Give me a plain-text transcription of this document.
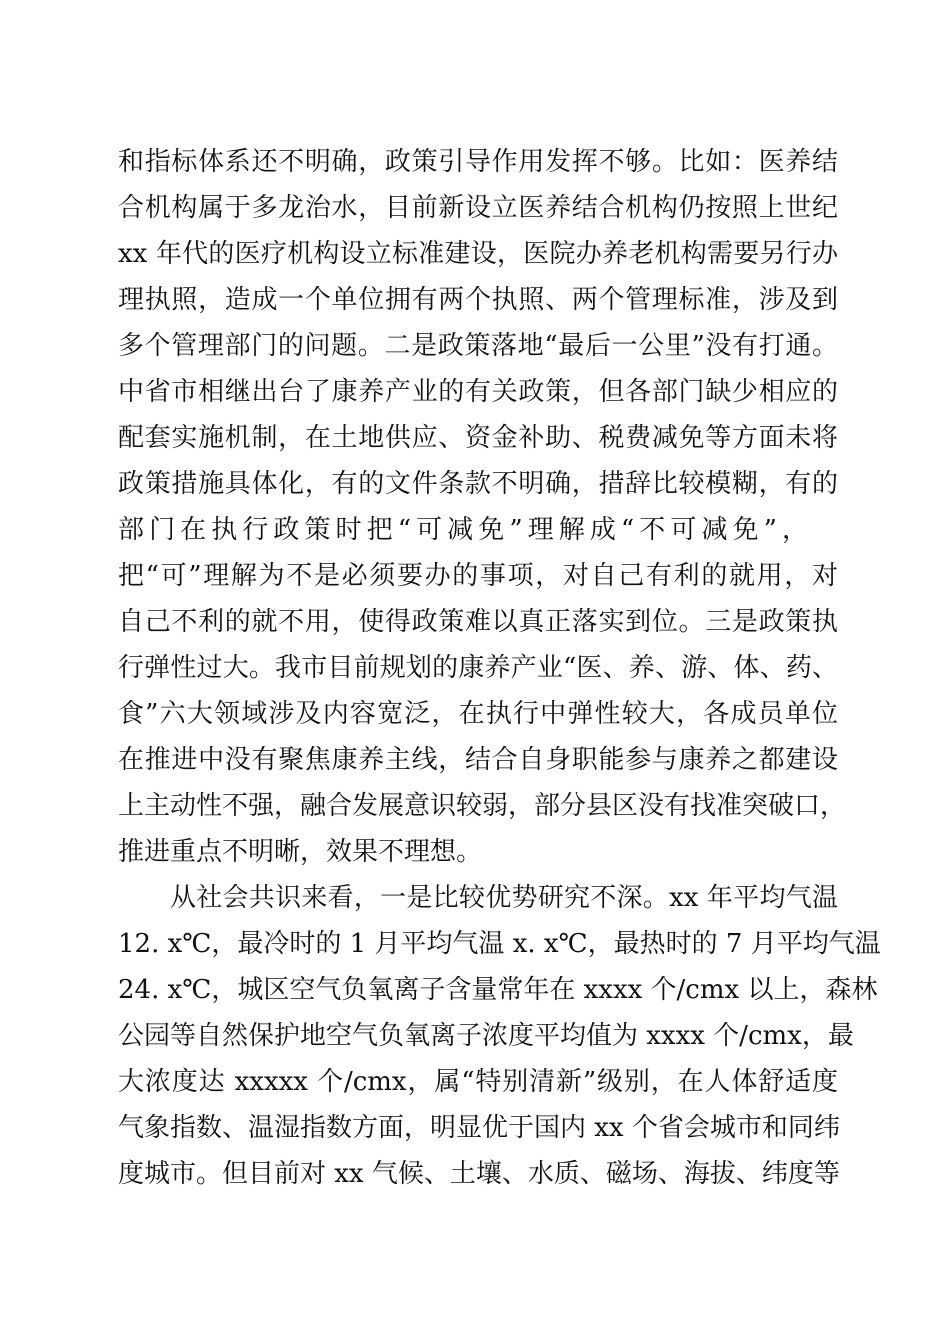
和指标体系还不明确，政策引导作用发挥不够。比如：医养结
合机构属于多龙治水，目前新设立医养结合机构仍按照上世纪
xx 年代的医疗机构设立标准建设，医院办养老机构需要另行办
理执照，造成一个单位拥有两个执照、两个管理标准，涉及到
多个管理部门的问题。二是政策落地“最后一公里”没有打通。
中省市相继出台了康养产业的有关政策，但各部门缺少相应的
配套实施机制，在土地供应、资金补助、税费减免等方面未将
政策措施具体化，有的文件条款不明确，措辞比较模糊，有的
部门在执行政策时把“可减免”理解成“不可减免”，
把“可”理解为不是必须要办的事项，对自己有利的就用，对
自己不利的就不用，使得政策难以真正落实到位。三是政策执
行弹性过大。我市目前规划的康养产业“医、养、游、体、药、
食”六大领域涉及内容宽泛，在执行中弹性较大，各成员单位
在推进中没有聚焦康养主线，结合自身职能参与康养之都建设
上主动性不强，融合发展意识较弱，部分县区没有找准突破口，
推进重点不明晰，效果不理想。
从社会共识来看，一是比较优势研究不深。xx 年平均气温
12. x℃，最冷时的 1 月平均气温 x. x℃，最热时的 7 月平均气温
24. x℃，城区空气负氧离子含量常年在 xxxx 个/cmx 以上，森林
公园等自然保护地空气负氧离子浓度平均值为 xxxx 个/cmx，最
大浓度达 xxxxx 个/cmx，属“特别清新”级别，在人体舒适度
气象指数、温湿指数方面，明显优于国内 xx 个省会城市和同纬
度城市。但目前对 xx 气候、土壤、水质、磁场、海拔、纬度等
